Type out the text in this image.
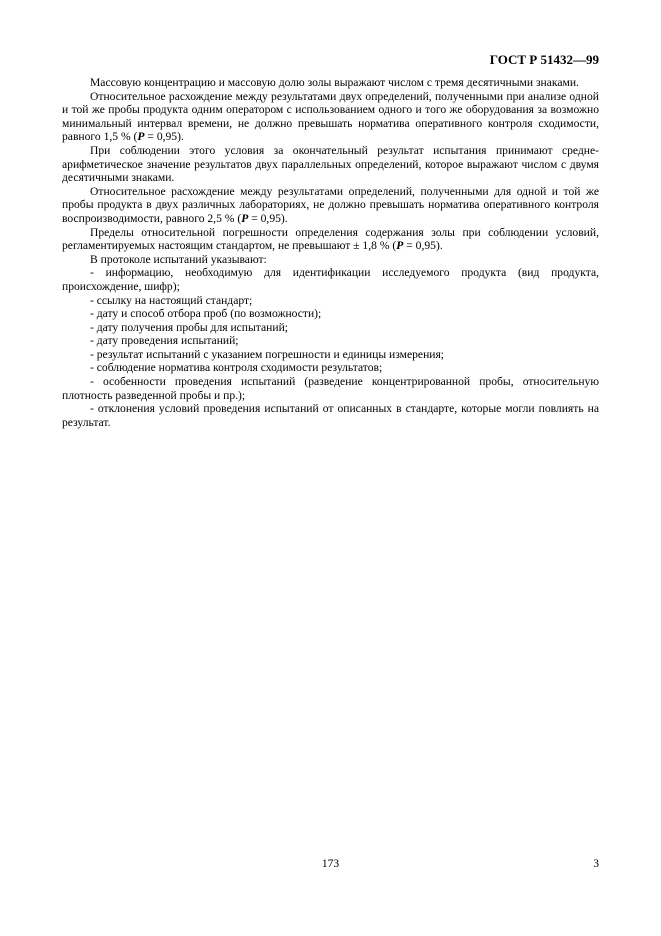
ГОСТ Р 51432—99

Массовую концентрацию и массовую долю золы выражают числом с тремя десятичными знаками.

Относительное расхождение между результатами двух определений, полученными при анализе одной и той же пробы продукта одним оператором с использованием одного и того же оборудования за возможно минимальный интервал времени, не должно превышать норматива оперативного контроля сходимости, равного 1,5 % (P = 0,95).

При соблюдении этого условия за окончательный результат испытания принимают средне-арифметическое значение результатов двух параллельных определений, которое выражают числом с двумя десятичными знаками.

Относительное расхождение между результатами определений, полученными для одной и той же пробы продукта в двух различных лабораториях, не должно превышать норматива оперативного контроля воспроизводимости, равного 2,5 % (P = 0,95).

Пределы относительной погрешности определения содержания золы при соблюдении условий, регламентируемых настоящим стандартом, не превышают ± 1,8 % (P = 0,95).

В протоколе испытаний указывают:

- информацию, необходимую для идентификации исследуемого продукта (вид продукта, происхождение, шифр);

- ссылку на настоящий стандарт;

- дату и способ отбора проб (по возможности);

- дату получения пробы для испытаний;

- дату проведения испытаний;

- результат испытаний с указанием погрешности и единицы измерения;

- соблюдение норматива контроля сходимости результатов;

- особенности проведения испытаний (разведение концентрированной пробы, относительную плотность разведенной пробы и пр.);

- отклонения условий проведения испытаний от описанных в стандарте, которые могли повлиять на результат.

173	3
